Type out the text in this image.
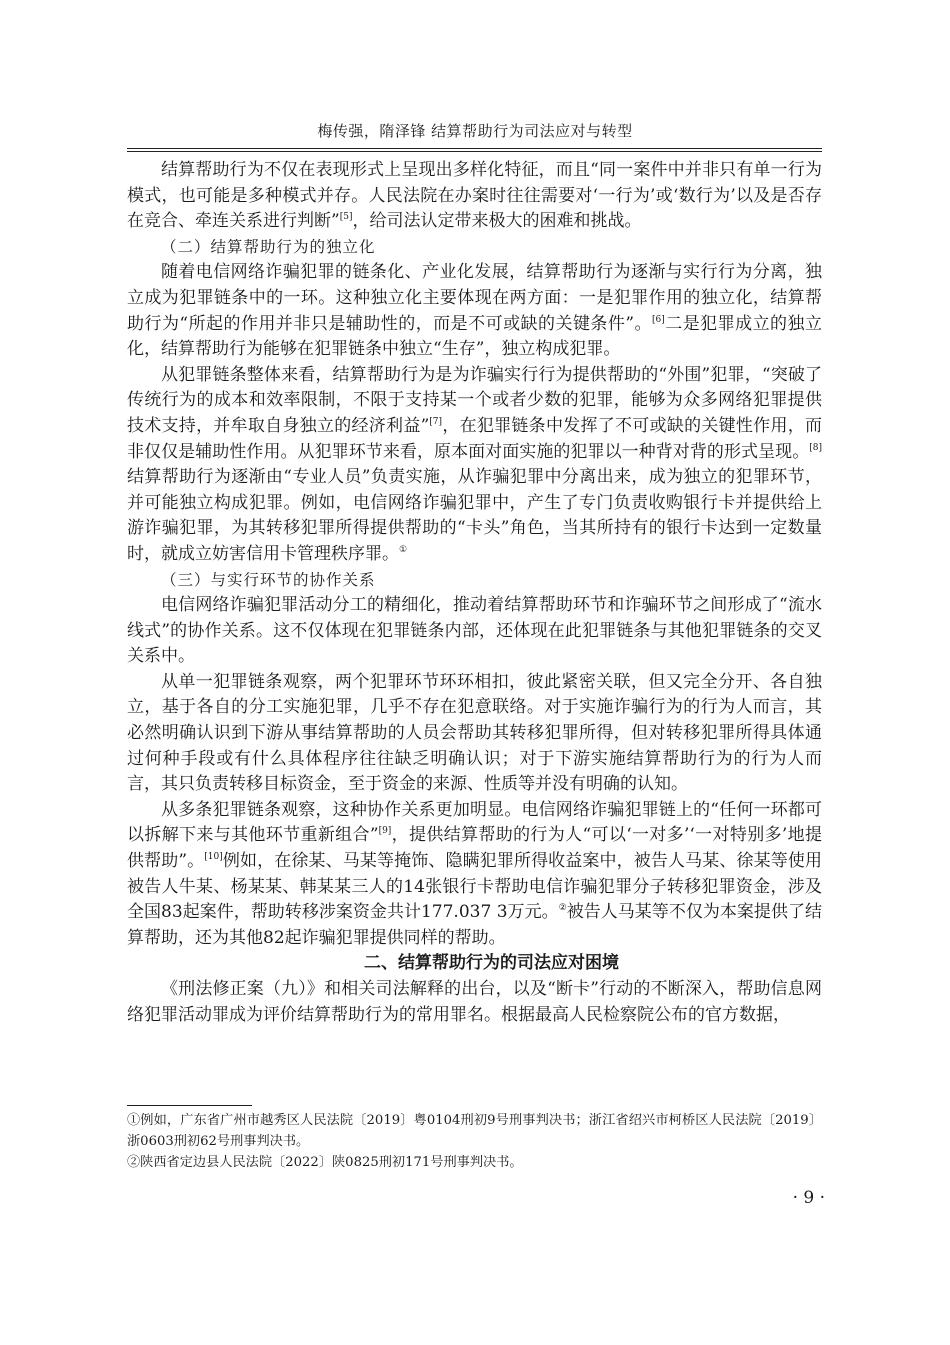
梅传强，隋泽锋 结算帮助行为司法应对与转型

结算帮助行为不仅在表现形式上呈现出多样化特征，而且“同一案件中并非只有单一行为模式，也可能是多种模式并存。人民法院在办案时往往需要对‘一行为’或‘数行为’以及是否存在竞合、牵连关系进行判断”[5]，给司法认定带来极大的困难和挑战。

（二）结算帮助行为的独立化

随着电信网络诈骗犯罪的链条化、产业化发展，结算帮助行为逐渐与实行行为分离，独立成为犯罪链条中的一环。这种独立化主要体现在两方面：一是犯罪作用的独立化，结算帮助行为“所起的作用并非只是辅助性的，而是不可或缺的关键条件”。[6]二是犯罪成立的独立化，结算帮助行为能够在犯罪链条中独立“生存”，独立构成犯罪。

从犯罪链条整体来看，结算帮助行为是为诈骗实行行为提供帮助的“外围”犯罪，“突破了传统行为的成本和效率限制，不限于支持某一个或者少数的犯罪，能够为众多网络犯罪提供技术支持，并牟取自身独立的经济利益”[7]，在犯罪链条中发挥了不可或缺的关键性作用，而非仅仅是辅助性作用。从犯罪环节来看，原本面对面实施的犯罪以一种背对背的形式呈现。[8]结算帮助行为逐渐由“专业人员”负责实施，从诈骗犯罪中分离出来，成为独立的犯罪环节，并可能独立构成犯罪。例如，电信网络诈骗犯罪中，产生了专门负责收购银行卡并提供给上游诈骗犯罪，为其转移犯罪所得提供帮助的“卡头”角色，当其所持有的银行卡达到一定数量时，就成立妨害信用卡管理秩序罪。①

（三）与实行环节的协作关系

电信网络诈骗犯罪活动分工的精细化，推动着结算帮助环节和诈骗环节之间形成了“流水线式”的协作关系。这不仅体现在犯罪链条内部，还体现在此犯罪链条与其他犯罪链条的交叉关系中。

从单一犯罪链条观察，两个犯罪环节环环相扣，彼此紧密关联，但又完全分开、各自独立，基于各自的分工实施犯罪，几乎不存在犯意联络。对于实施诈骗行为的行为人而言，其必然明确认识到下游从事结算帮助的人员会帮助其转移犯罪所得，但对转移犯罪所得具体通过何种手段或有什么具体程序往往缺乏明确认识；对于下游实施结算帮助行为的行为人而言，其只负责转移目标资金，至于资金的来源、性质等并没有明确的认知。

从多条犯罪链条观察，这种协作关系更加明显。电信网络诈骗犯罪链上的“任何一环都可以拆解下来与其他环节重新组合”[9]，提供结算帮助的行为人“可以‘一对多’‘一对特别多’地提供帮助”。[10]例如，在徐某、马某等掩饰、隐瞒犯罪所得收益案中，被告人马某、徐某等使用被告人牛某、杨某某、韩某某三人的14张银行卡帮助电信诈骗犯罪分子转移犯罪资金，涉及全国83起案件，帮助转移涉案资金共计177.037 3万元。②被告人马某等不仅为本案提供了结算帮助，还为其他82起诈骗犯罪提供同样的帮助。

二、结算帮助行为的司法应对困境

《刑法修正案（九）》和相关司法解释的出台，以及“断卡”行动的不断深入，帮助信息网络犯罪活动罪成为评价结算帮助行为的常用罪名。根据最高人民检察院公布的官方数据，

①例如，广东省广州市越秀区人民法院〔2019〕粤0104刑初9号刑事判决书；浙江省绍兴市柯桥区人民法院〔2019〕浙0603刑初62号刑事判决书。

②陕西省定边县人民法院〔2022〕陕0825刑初171号刑事判决书。

· 9 ·
